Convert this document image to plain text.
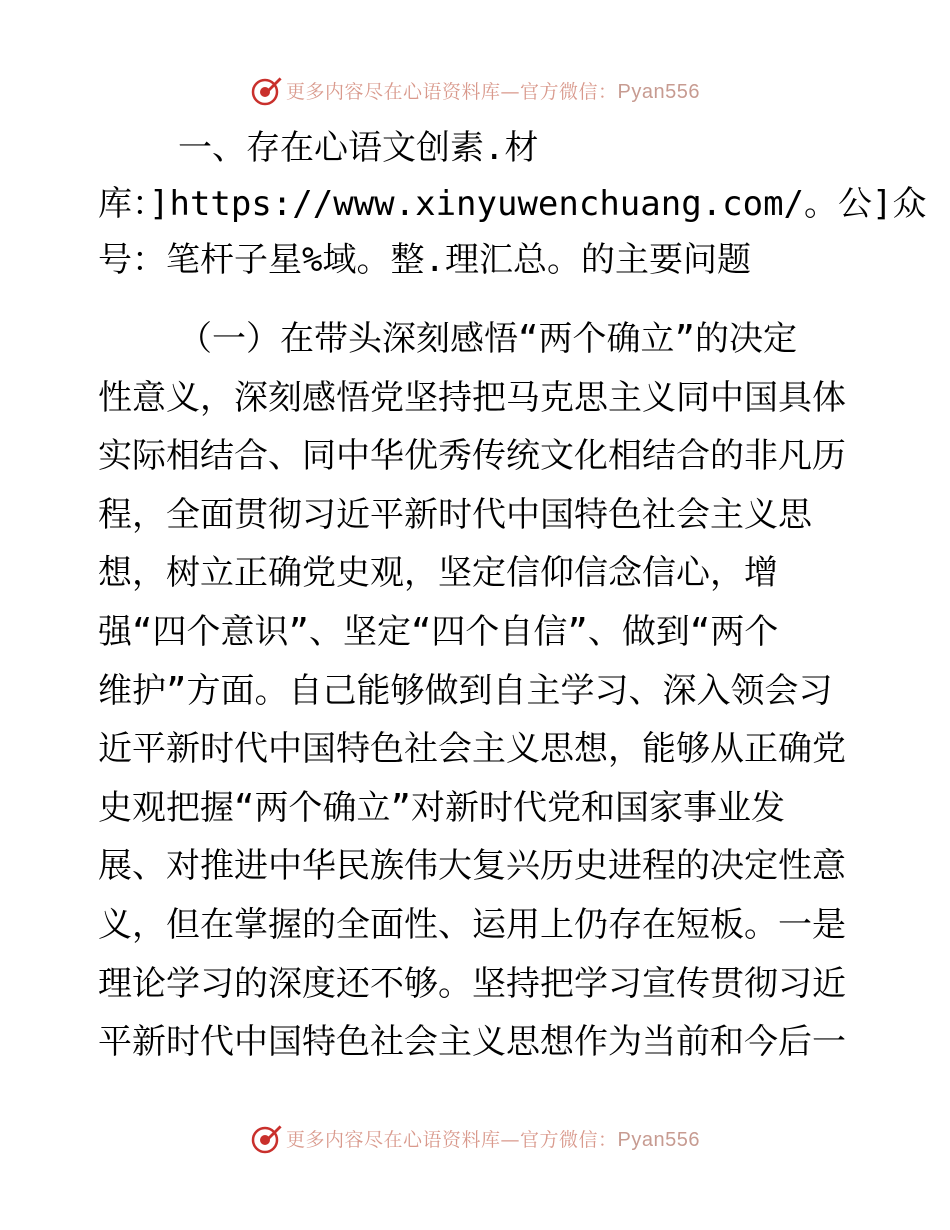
更多内容尽在心语资料库—官方微信：Pyan556
一、存在心语文创素.材
库：]https://www.xinyuwenchuang.com/。公]众
号：笔杆子星%域。整.理汇总。的主要问题
（一）在带头深刻感悟“两个确立”的决定
性意义，深刻感悟党坚持把马克思主义同中国具体
实际相结合、同中华优秀传统文化相结合的非凡历
程，全面贯彻习近平新时代中国特色社会主义思
想，树立正确党史观，坚定信仰信念信心，增
强“四个意识”、坚定“四个自信”、做到“两个
维护”方面。自己能够做到自主学习、深入领会习
近平新时代中国特色社会主义思想，能够从正确党
史观把握“两个确立”对新时代党和国家事业发
展、对推进中华民族伟大复兴历史进程的决定性意
义，但在掌握的全面性、运用上仍存在短板。一是
理论学习的深度还不够。坚持把学习宣传贯彻习近
平新时代中国特色社会主义思想作为当前和今后一
更多内容尽在心语资料库—官方微信：Pyan556
